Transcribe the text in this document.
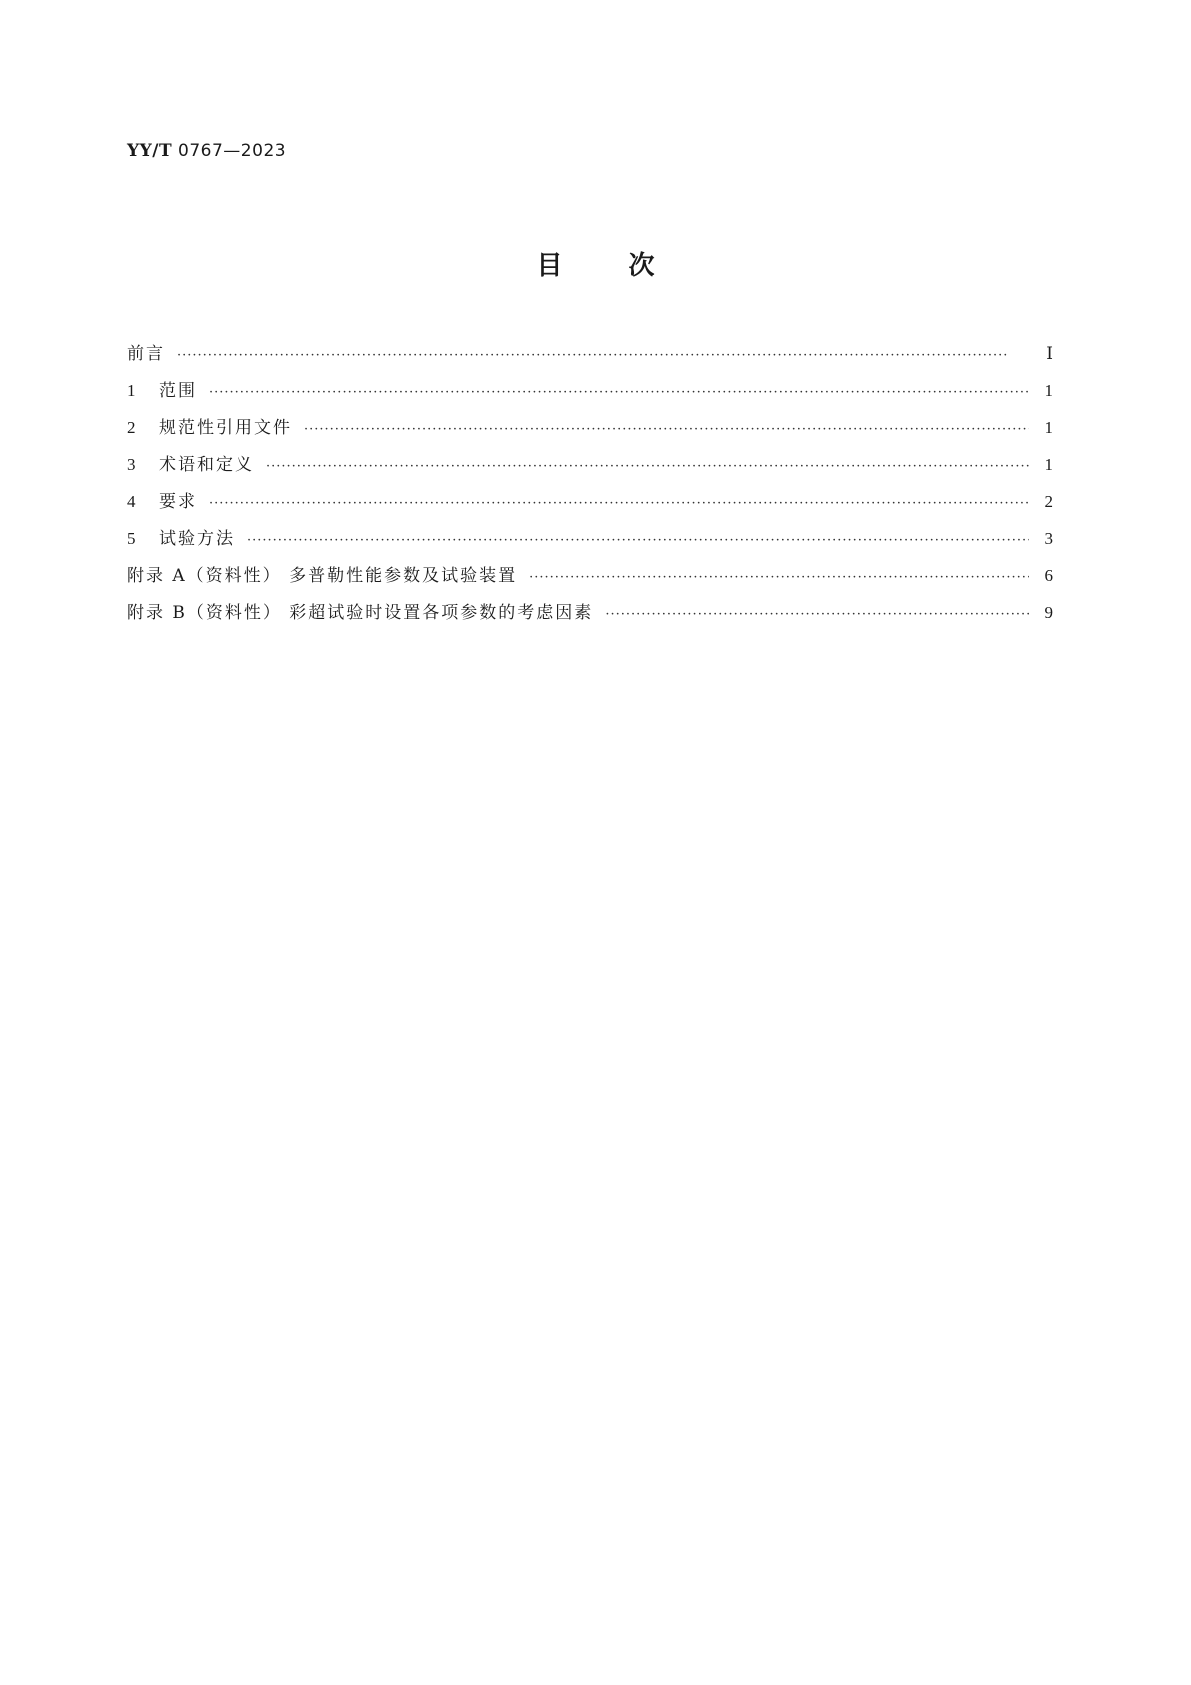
YY/T 0767—2023
目次
前言 ·····	Ⅰ
1	范围 ·····	1
2	规范性引用文件 ·····	1
3	术语和定义 ·····	1
4	要求 ·····	2
5	试验方法 ·····	3
附录 A（资料性） 多普勒性能参数及试验装置 ·····	6
附录 B（资料性） 彩超试验时设置各项参数的考虑因素 ·····	9
